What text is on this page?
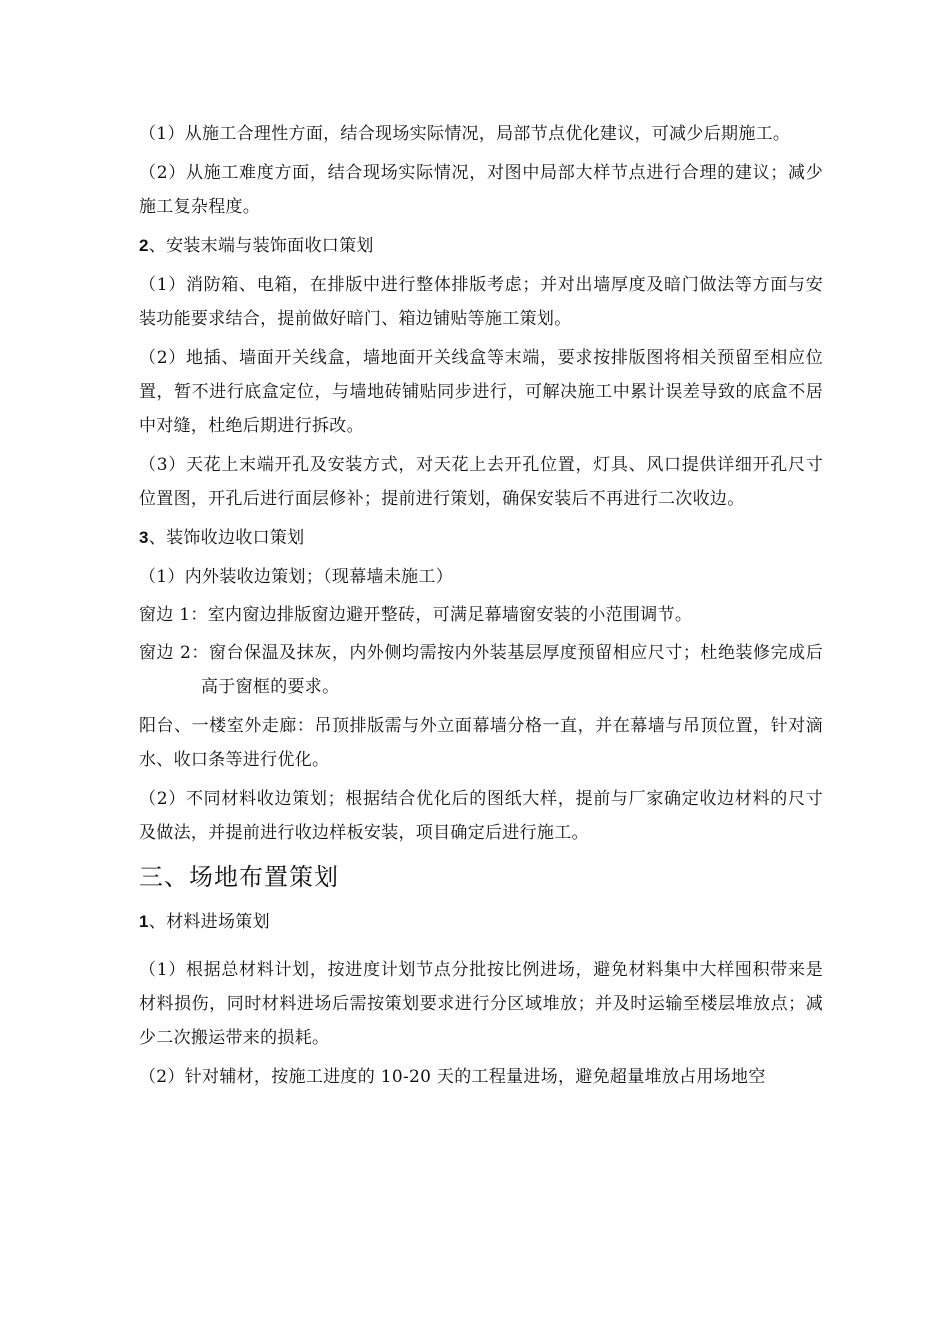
（1）从施工合理性方面，结合现场实际情况，局部节点优化建议，可减少后期施工。

（2）从施工难度方面，结合现场实际情况，对图中局部大样节点进行合理的建议；减少施工复杂程度。

2、安装末端与装饰面收口策划

（1）消防箱、电箱，在排版中进行整体排版考虑；并对出墙厚度及暗门做法等方面与安装功能要求结合，提前做好暗门、箱边铺贴等施工策划。

（2）地插、墙面开关线盒，墙地面开关线盒等末端，要求按排版图将相关预留至相应位置，暂不进行底盒定位，与墙地砖铺贴同步进行，可解决施工中累计误差导致的底盒不居中对缝，杜绝后期进行拆改。

（3）天花上末端开孔及安装方式，对天花上去开孔位置，灯具、风口提供详细开孔尺寸位置图，开孔后进行面层修补；提前进行策划，确保安装后不再进行二次收边。

3、装饰收边收口策划

（1）内外装收边策划；（现幕墙未施工）

窗边 1：室内窗边排版窗边避开整砖，可满足幕墙窗安装的小范围调节。

窗边 2：窗台保温及抹灰，内外侧均需按内外装基层厚度预留相应尺寸；杜绝装修完成后高于窗框的要求。

阳台、一楼室外走廊：吊顶排版需与外立面幕墙分格一直，并在幕墙与吊顶位置，针对滴水、收口条等进行优化。

（2）不同材料收边策划；根据结合优化后的图纸大样，提前与厂家确定收边材料的尺寸及做法，并提前进行收边样板安装，项目确定后进行施工。

三、场地布置策划
1、材料进场策划

（1）根据总材料计划，按进度计划节点分批按比例进场，避免材料集中大样囤积带来是材料损伤，同时材料进场后需按策划要求进行分区域堆放；并及时运输至楼层堆放点；减少二次搬运带来的损耗。

（2）针对辅材，按施工进度的 10-20 天的工程量进场，避免超量堆放占用场地空
